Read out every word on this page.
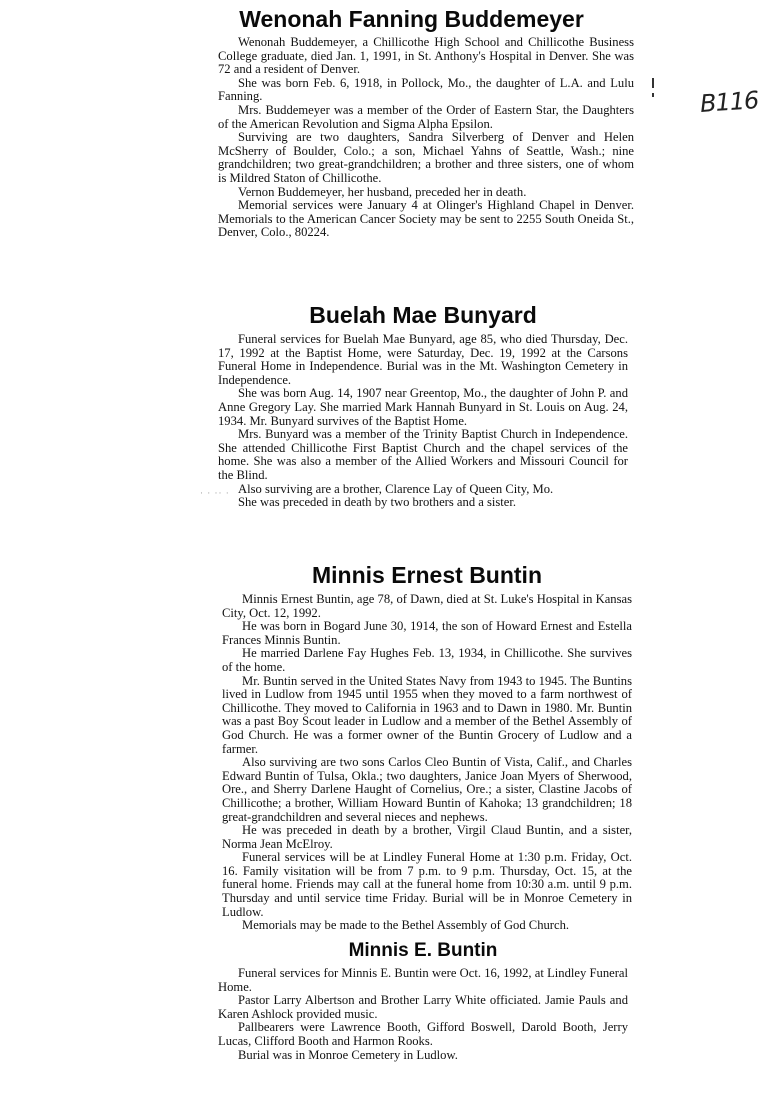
B116
· · ·· ·
Wenonah Fanning Buddemeyer

Wenonah Buddemeyer, a Chillicothe High School and Chillicothe Business College graduate, died Jan. 1, 1991, in St. Anthony's Hospital in Denver. She was 72 and a resident of Denver.

She was born Feb. 6, 1918, in Pollock, Mo., the daughter of L.A. and Lulu Fanning.

Mrs. Buddemeyer was a member of the Order of Eastern Star, the Daughters of the American Revolution and Sigma Alpha Epsilon.

Surviving are two daughters, Sandra Silverberg of Denver and Helen McSherry of Boulder, Colo.; a son, Michael Yahns of Seattle, Wash.; nine grandchildren; two great-grandchildren; a brother and three sisters, one of whom is Mildred Staton of Chillicothe.

Vernon Buddemeyer, her husband, preceded her in death.

Memorial services were January 4 at Olinger's Highland Chapel in Denver. Memorials to the American Cancer Society may be sent to 2255 South Oneida St., Denver, Colo., 80224.

Buelah Mae Bunyard

Funeral services for Buelah Mae Bunyard, age 85, who died Thursday, Dec. 17, 1992 at the Baptist Home, were Saturday, Dec. 19, 1992 at the Carsons Funeral Home in Independence. Burial was in the Mt. Washington Cemetery in Independence.

She was born Aug. 14, 1907 near Greentop, Mo., the daughter of John P. and Anne Gregory Lay. She married Mark Hannah Bunyard in St. Louis on Aug. 24, 1934. Mr. Bunyard survives of the Baptist Home.

Mrs. Bunyard was a member of the Trinity Baptist Church in Independence. She attended Chillicothe First Baptist Church and the chapel services of the home. She was also a member of the Allied Workers and Missouri Council for the Blind.

Also surviving are a brother, Clarence Lay of Queen City, Mo.

She was preceded in death by two brothers and a sister.

Minnis Ernest Buntin

Minnis Ernest Buntin, age 78, of Dawn, died at St. Luke's Hospital in Kansas City, Oct. 12, 1992.

He was born in Bogard June 30, 1914, the son of Howard Ernest and Estella Frances Minnis Buntin.

He married Darlene Fay Hughes Feb. 13, 1934, in Chillicothe. She survives of the home.

Mr. Buntin served in the United States Navy from 1943 to 1945. The Buntins lived in Ludlow from 1945 until 1955 when they moved to a farm northwest of Chillicothe. They moved to California in 1963 and to Dawn in 1980. Mr. Buntin was a past Boy Scout leader in Ludlow and a member of the Bethel Assembly of God Church. He was a former owner of the Buntin Grocery of Ludlow and a farmer.

Also surviving are two sons Carlos Cleo Buntin of Vista, Calif., and Charles Edward Buntin of Tulsa, Okla.; two daughters, Janice Joan Myers of Sherwood, Ore., and Sherry Darlene Haught of Cornelius, Ore.; a sister, Clastine Jacobs of Chillicothe; a brother, William Howard Buntin of Kahoka; 13 grandchildren; 18 great-grandchildren and several nieces and nephews.

He was preceded in death by a brother, Virgil Claud Buntin, and a sister, Norma Jean McElroy.

Funeral services will be at Lindley Funeral Home at 1:30 p.m. Friday, Oct. 16. Family visitation will be from 7 p.m. to 9 p.m. Thursday, Oct. 15, at the funeral home. Friends may call at the funeral home from 10:30 a.m. until 9 p.m. Thursday and until service time Friday. Burial will be in Monroe Cemetery in Ludlow.

Memorials may be made to the Bethel Assembly of God Church.

Minnis E. Buntin

Funeral services for Minnis E. Buntin were Oct. 16, 1992, at Lindley Funeral Home.

Pastor Larry Albertson and Brother Larry White officiated. Jamie Pauls and Karen Ashlock provided music.

Pallbearers were Lawrence Booth, Gifford Boswell, Darold Booth, Jerry Lucas, Clifford Booth and Harmon Rooks.

Burial was in Monroe Cemetery in Ludlow.
